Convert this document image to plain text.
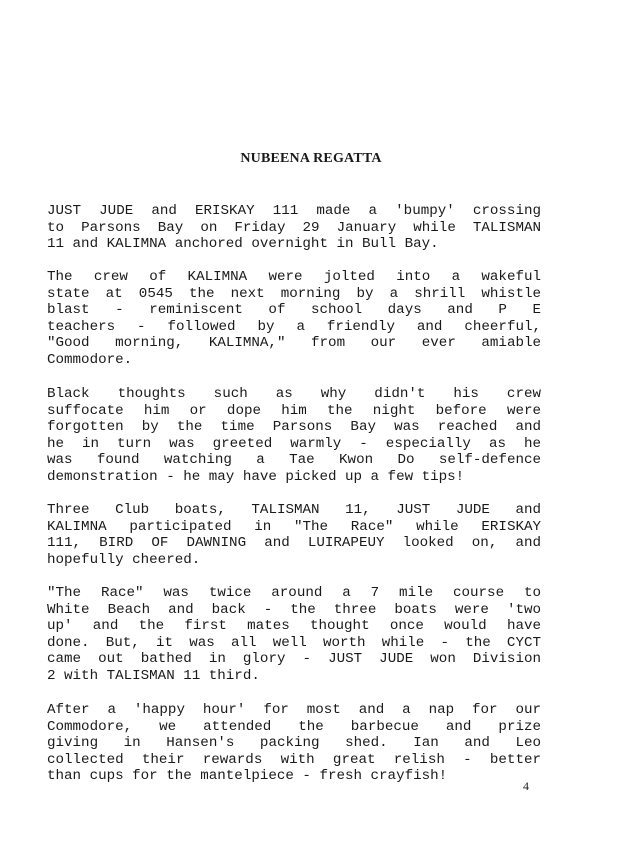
NUBEENA REGATTA
JUST JUDE and ERISKAY 111 made a 'bumpy' crossing
to Parsons Bay on Friday 29 January while TALISMAN
11 and KALIMNA anchored overnight in Bull Bay.
The crew of KALIMNA were jolted into a wakeful
state at 0545 the next morning by a shrill whistle
blast - reminiscent of school days and P E
teachers - followed by a friendly and cheerful,
"Good morning, KALIMNA," from our ever amiable
Commodore.
Black thoughts such as why didn't his crew
suffocate him or dope him the night before were
forgotten by the time Parsons Bay was reached and
he in turn was greeted warmly - especially as he
was found watching a Tae Kwon Do self-defence
demonstration - he may have picked up a few tips!
Three Club boats, TALISMAN 11, JUST JUDE and
KALIMNA participated in "The Race" while ERISKAY
111, BIRD OF DAWNING and LUIRAPEUY looked on, and
hopefully cheered.
"The Race" was twice around a 7 mile course to
White Beach and back - the three boats were 'two
up' and the first mates thought once would have
done. But, it was all well worth while - the CYCT
came out bathed in glory - JUST JUDE won Division
2 with TALISMAN 11 third.
After a 'happy hour' for most and a nap for our
Commodore, we attended the barbecue and prize
giving in Hansen's packing shed. Ian and Leo
collected their rewards with great relish - better
than cups for the mantelpiece - fresh crayfish!
4
